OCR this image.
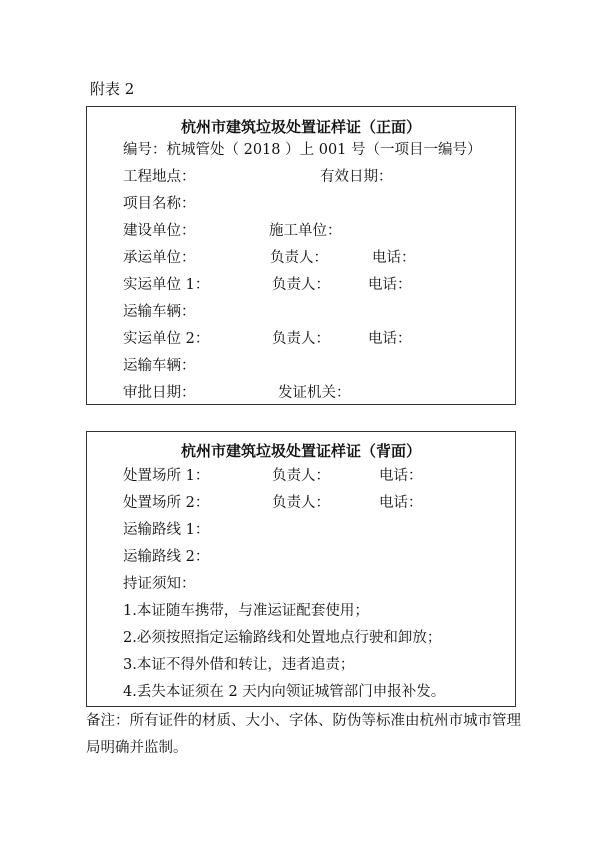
附表 2
杭州市建筑垃圾处置证样证（正面）
编号：杭城管处（ 2018 ）上 001 号（一项目一编号）
工程地点：	有效日期：
项目名称：
建设单位：	施工单位：
承运单位：	负责人：	电话：
实运单位 1：	负责人：	电话：
运输车辆：
实运单位 2：	负责人：	电话：
运输车辆：
审批日期：	发证机关：
杭州市建筑垃圾处置证样证（背面）
处置场所 1：	负责人：	电话：
处置场所 2：	负责人：	电话：
运输路线 1：
运输路线 2：
持证须知：
1.本证随车携带，与准运证配套使用；
2.必须按照指定运输路线和处置地点行驶和卸放；
3.本证不得外借和转让，违者追责；
4.丢失本证须在 2 天内向领证城管部门申报补发。
备注：所有证件的材质、大小、字体、防伪等标准由杭州市城市管理局明确并监制。
